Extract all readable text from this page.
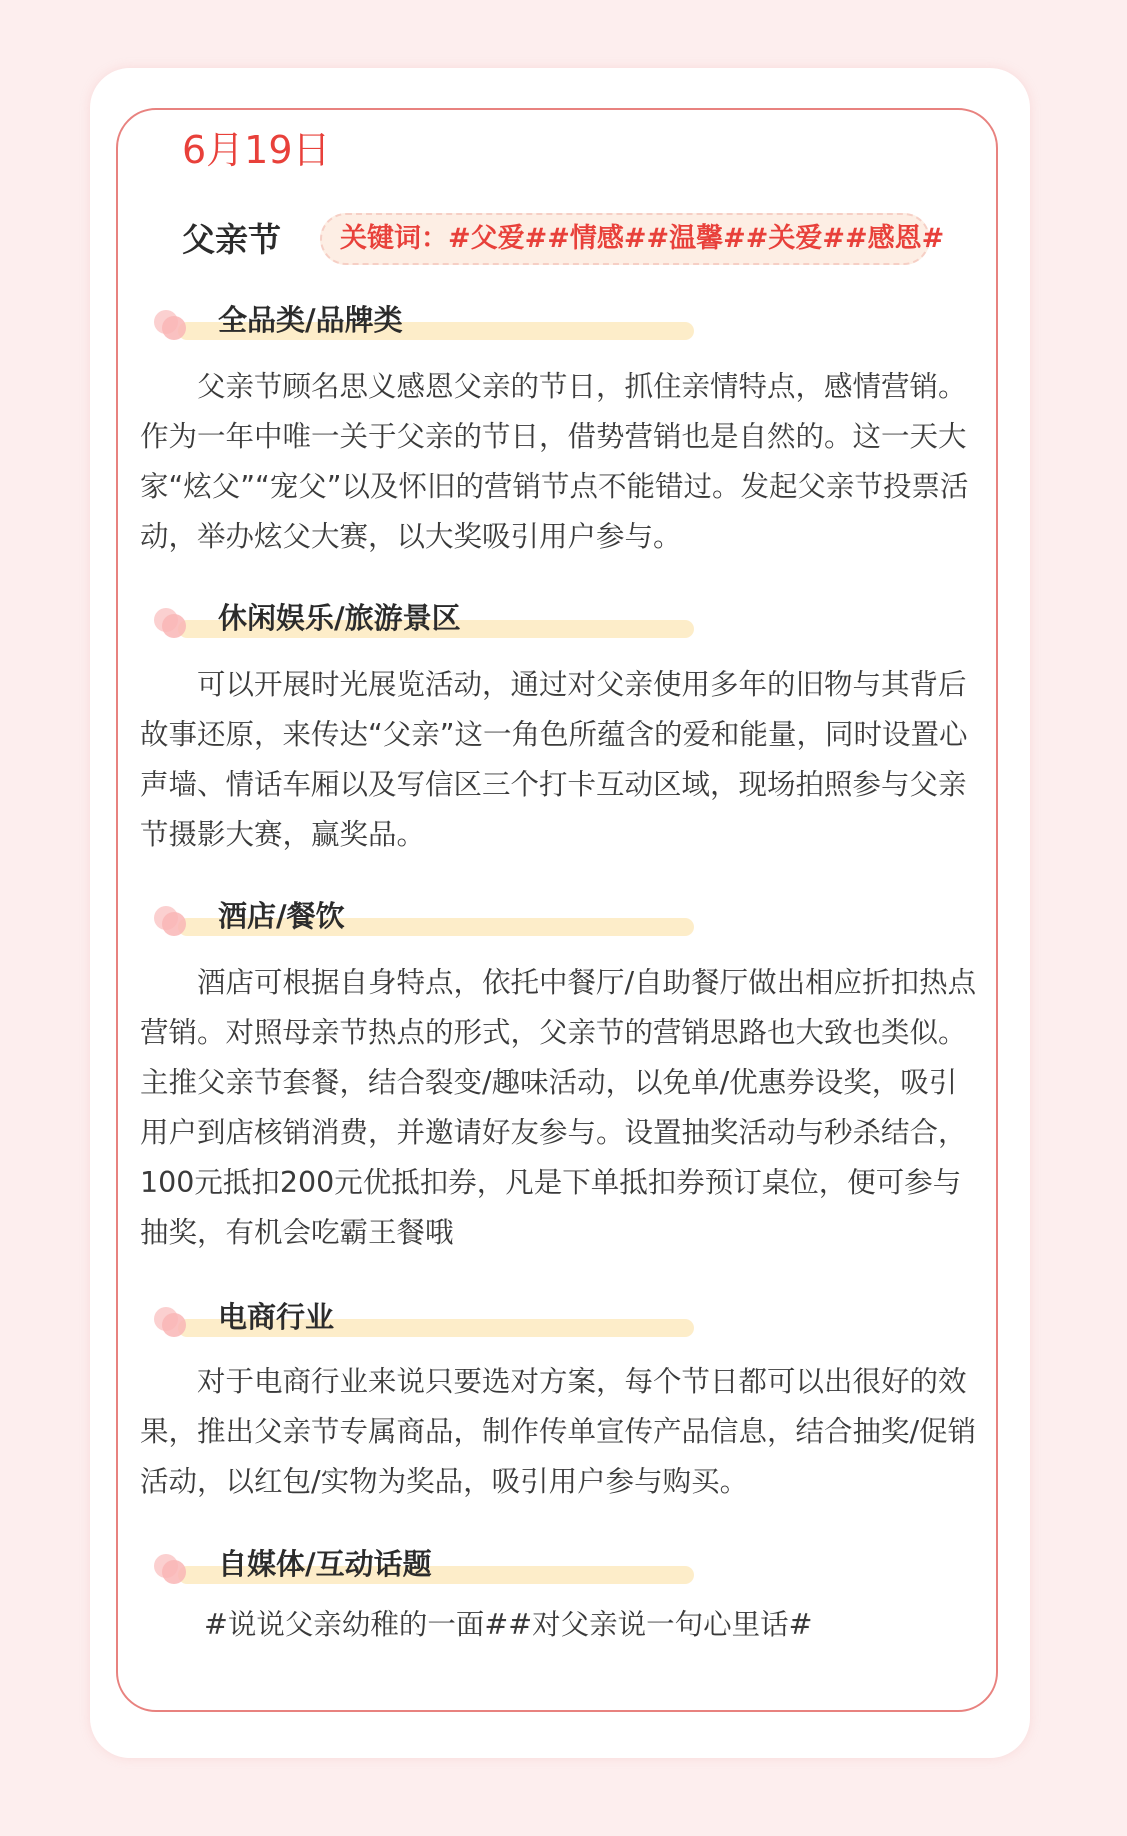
6月19日
父亲节 关键词：#父爱##情感##温馨##关爱##感恩#
全品类/品牌类
父亲节顾名思义感恩父亲的节日，抓住亲情特点，感情营销。作为一年中唯一关于父亲的节日，借势营销也是自然的。这一天大家“炫父”“宠父”以及怀旧的营销节点不能错过。发起父亲节投票活动，举办炫父大赛，以大奖吸引用户参与。
休闲娱乐/旅游景区
可以开展时光展览活动，通过对父亲使用多年的旧物与其背后故事还原，来传达“父亲”这一角色所蕴含的爱和能量，同时设置心声墙、情话车厢以及写信区三个打卡互动区域，现场拍照参与父亲节摄影大赛，赢奖品。
酒店/餐饮
酒店可根据自身特点，依托中餐厅/自助餐厅做出相应折扣热点营销。对照母亲节热点的形式，父亲节的营销思路也大致也类似。主推父亲节套餐，结合裂变/趣味活动，以免单/优惠券设奖，吸引用户到店核销消费，并邀请好友参与。设置抽奖活动与秒杀结合，100元抵扣200元优抵扣券，凡是下单抵扣券预订桌位，便可参与抽奖，有机会吃霸王餐哦
电商行业
对于电商行业来说只要选对方案，每个节日都可以出很好的效果，推出父亲节专属商品，制作传单宣传产品信息，结合抽奖/促销活动，以红包/实物为奖品，吸引用户参与购买。
自媒体/互动话题
#说说父亲幼稚的一面##对父亲说一句心里话#
